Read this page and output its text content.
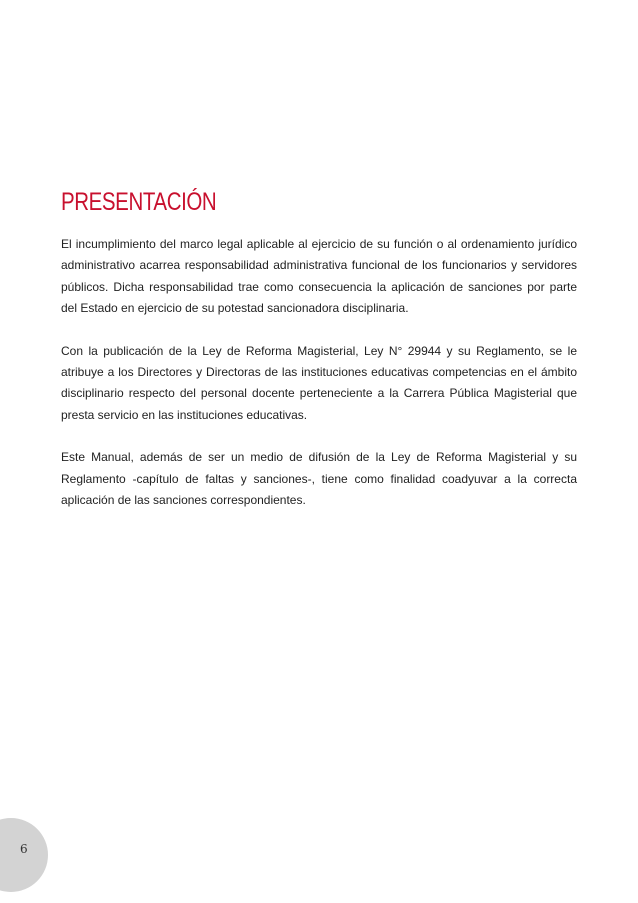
PRESENTACIÓN

El incumplimiento del marco legal aplicable al ejercicio de su función o al ordenamiento jurídico administrativo acarrea responsabilidad administrativa funcional de los funcionarios y servidores públicos. Dicha responsabilidad trae como consecuencia la aplicación de sanciones por parte del Estado en ejercicio de su potestad sancionadora disciplinaria.

Con la publicación de la Ley de Reforma Magisterial, Ley N° 29944 y su Reglamento, se le atribuye a los Directores y Directoras de las instituciones educativas competencias en el ámbito disciplinario respecto del personal docente perteneciente a la Carrera Pública Magisterial que presta servicio en las instituciones educativas.

Este Manual, además de ser un medio de difusión de la Ley de Reforma Magisterial y su Reglamento -capítulo de faltas y sanciones-, tiene como finalidad coadyuvar a la correcta aplicación de las sanciones correspondientes.

6
